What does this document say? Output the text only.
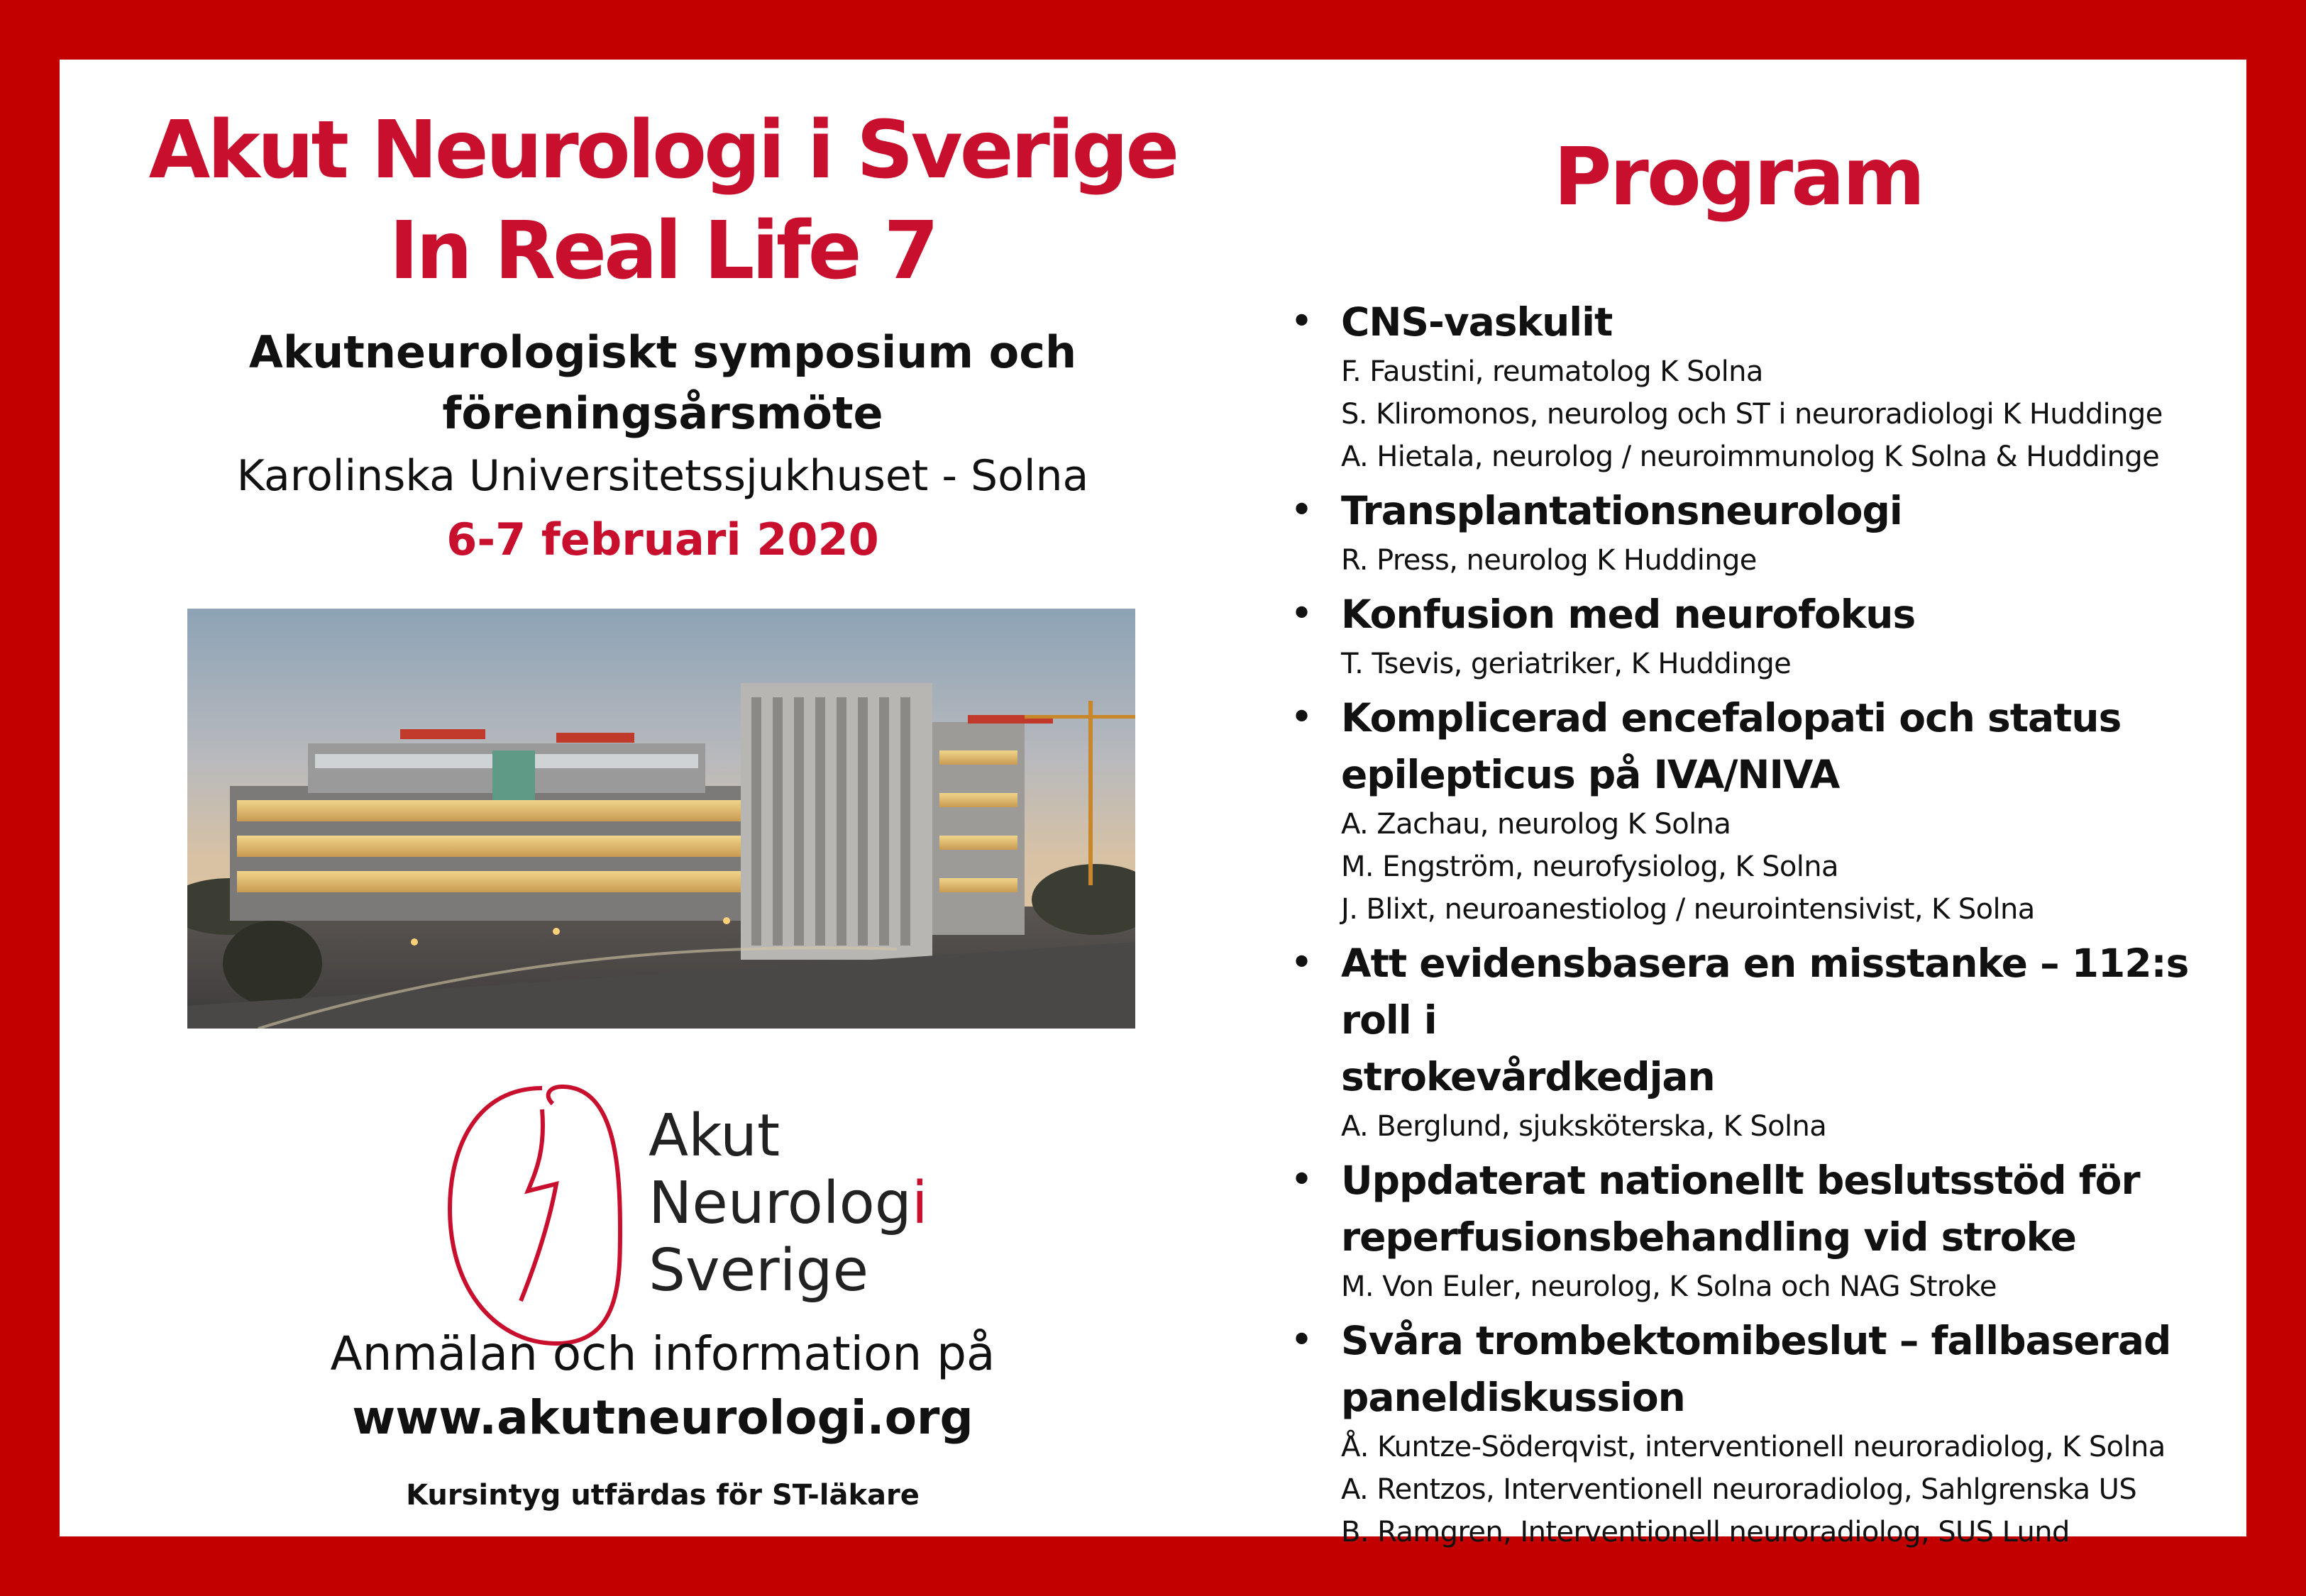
Akut Neurologi i Sverige
In Real Life 7
Akutneurologiskt symposium och
föreningsårsmöte
Karolinska Universitetssjukhuset - Solna
6-7 februari 2020
Akut
Neurologi
Sverige
Anmälan och information på
www.akutneurologi.org
Kursintyg utfärdas för ST-läkare
Program
• CNS-vaskulit
F. Faustini, reumatolog K Solna
S. Kliromonos, neurolog och ST i neuroradiologi K Huddinge
A. Hietala, neurolog / neuroimmunolog K Solna & Huddinge
• Transplantationsneurologi
R. Press, neurolog K Huddinge
• Konfusion med neurofokus
T. Tsevis, geriatriker, K Huddinge
• Komplicerad encefalopati och status
epilepticus på IVA/NIVA
A. Zachau, neurolog K Solna
M. Engström, neurofysiolog, K Solna
J. Blixt, neuroanestiolog / neurointensivist, K Solna
• Att evidensbasera en misstanke – 112:s roll i
strokevårdkedjan
A. Berglund, sjuksköterska, K Solna
• Uppdaterat nationellt beslutsstöd för
reperfusionsbehandling vid stroke
M. Von Euler, neurolog, K Solna och NAG Stroke
• Svåra trombektomibeslut – fallbaserad
paneldiskussion
Å. Kuntze-Söderqvist, interventionell neuroradiolog, K Solna
A. Rentzos, Interventionell neuroradiolog, Sahlgrenska US
B. Ramgren, Interventionell neuroradiolog, SUS Lund
